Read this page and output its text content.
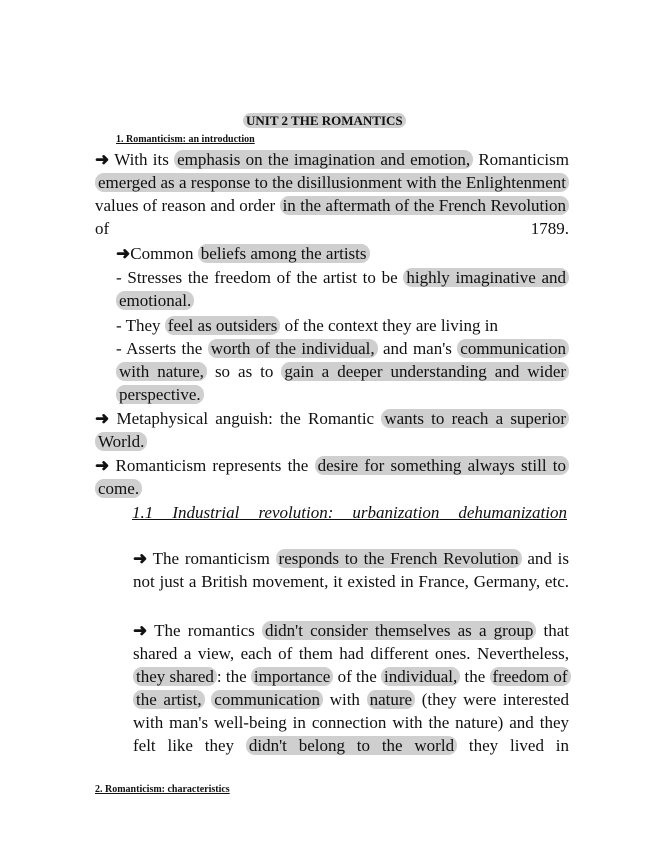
UNIT 2 THE ROMANTICS
1. Romanticism: an introduction

➜ With its emphasis on the imagination and emotion, Romanticism emerged as a response to the disillusionment with the Enlightenment values of reason and order in the aftermath of the French Revolution of 1789.

➜Common beliefs among the artists

- Stresses the freedom of the artist to be highly imaginative and emotional.

- They feel as outsiders of the context they are living in

- Asserts the worth of the individual, and man's communication with nature, so as to gain a deeper understanding and wider perspective.

➜ Metaphysical anguish: the Romantic wants to reach a superior World.

➜ Romanticism represents the desire for something always still to come.

1.1 Industrial revolution: urbanization dehumanization

➜ The romanticism responds to the French Revolution and is not just a British movement, it existed in France, Germany, etc.

➜ The romantics didn't consider themselves as a group that shared a view, each of them had different ones. Nevertheless, they shared : the importance of the individual, the freedom of the artist, communication with nature (they were interested with man's well-being in connection with the nature) and they felt like they didn't belong to the world they lived in

2. Romanticism: characteristics
